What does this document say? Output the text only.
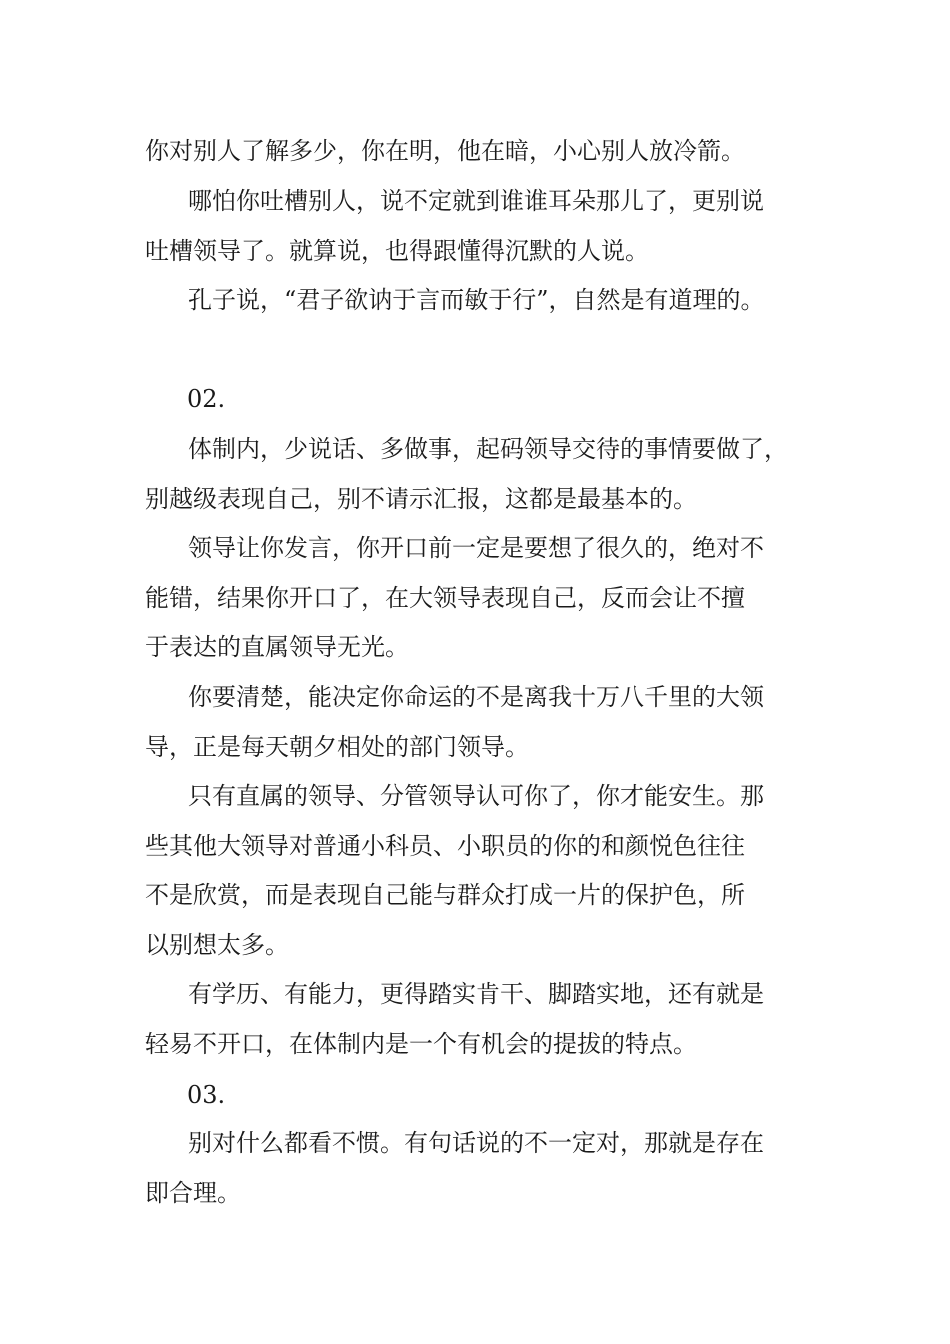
你对别人了解多少，你在明，他在暗，小心别人放冷箭。
哪怕你吐槽别人，说不定就到谁谁耳朵那儿了，更别说
吐槽领导了。就算说，也得跟懂得沉默的人说。
孔子说，“君子欲讷于言而敏于行”，自然是有道理的。
02.
体制内，少说话、多做事，起码领导交待的事情要做了，
别越级表现自己，别不请示汇报，这都是最基本的。
领导让你发言，你开口前一定是要想了很久的，绝对不
能错，结果你开口了，在大领导表现自己，反而会让不擅
于表达的直属领导无光。
你要清楚，能决定你命运的不是离我十万八千里的大领
导，正是每天朝夕相处的部门领导。
只有直属的领导、分管领导认可你了，你才能安生。那
些其他大领导对普通小科员、小职员的你的和颜悦色往往
不是欣赏，而是表现自己能与群众打成一片的保护色，所
以别想太多。
有学历、有能力，更得踏实肯干、脚踏实地，还有就是
轻易不开口，在体制内是一个有机会的提拔的特点。
03.
别对什么都看不惯。有句话说的不一定对，那就是存在
即合理。
